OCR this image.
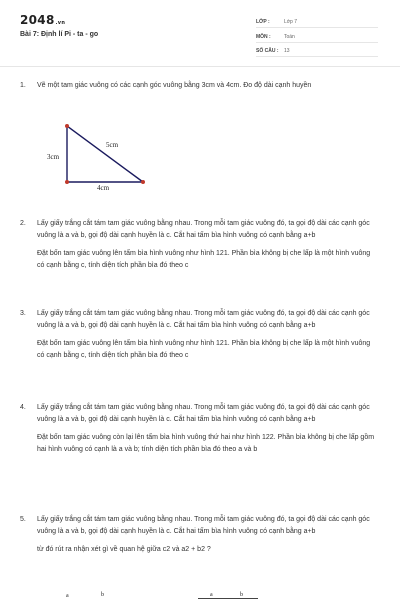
2048.vn
Bài 7: Định lí Pi - ta - go
LỚP :	Lớp 7
MÔN :	Toán
SỐ CÂU : 13
1. Vẽ một tam giác vuông có các cạnh góc vuông bằng 3cm và 4cm. Đo độ dài cạnh huyền

3cm
4cm
5cm
2. Lấy giấy trắng cắt tám tam giác vuông bằng nhau. Trong mỗi tam giác vuông đó, ta gọi độ dài các cạnh góc vuông là a và b, gọi độ dài cạnh huyền là c. Cắt hai tấm bìa hình vuông có cạnh bằng a+b

Đặt bốn tam giác vuông lên tấm bìa hình vuông như hình 121. Phần bìa không bị che lấp là một hình vuông có cạnh bằng c, tính diện tích phần bìa đó theo c

3. Lấy giấy trắng cắt tám tam giác vuông bằng nhau. Trong mỗi tam giác vuông đó, ta gọi độ dài các cạnh góc vuông là a và b, gọi độ dài cạnh huyền là c. Cắt hai tấm bìa hình vuông có cạnh bằng a+b

Đặt bốn tam giác vuông lên tấm bìa hình vuông như hình 121. Phần bìa không bị che lấp là một hình vuông có cạnh bằng c, tính diện tích phần bìa đó theo c

4. Lấy giấy trắng cắt tám tam giác vuông bằng nhau. Trong mỗi tam giác vuông đó, ta gọi độ dài các cạnh góc vuông là a và b, gọi độ dài cạnh huyền là c. Cắt hai tấm bìa hình vuông có cạnh bằng a+b

Đặt bốn tam giác vuông còn lại lên tấm bìa hình vuông thứ hai như hình 122. Phần bìa không bị che lấp gồm hai hình vuông có cạnh là a và b; tính diện tích phần bìa đó theo a và b

5. Lấy giấy trắng cắt tám tam giác vuông bằng nhau. Trong mỗi tam giác vuông đó, ta gọi độ dài các cạnh góc vuông là a và b, gọi độ dài cạnh huyền là c. Cắt hai tấm bìa hình vuông có cạnh bằng a+b

từ đó rút ra nhận xét gì về quan hệ giữa c2 và a2 + b2 ?

a	b	a	b
